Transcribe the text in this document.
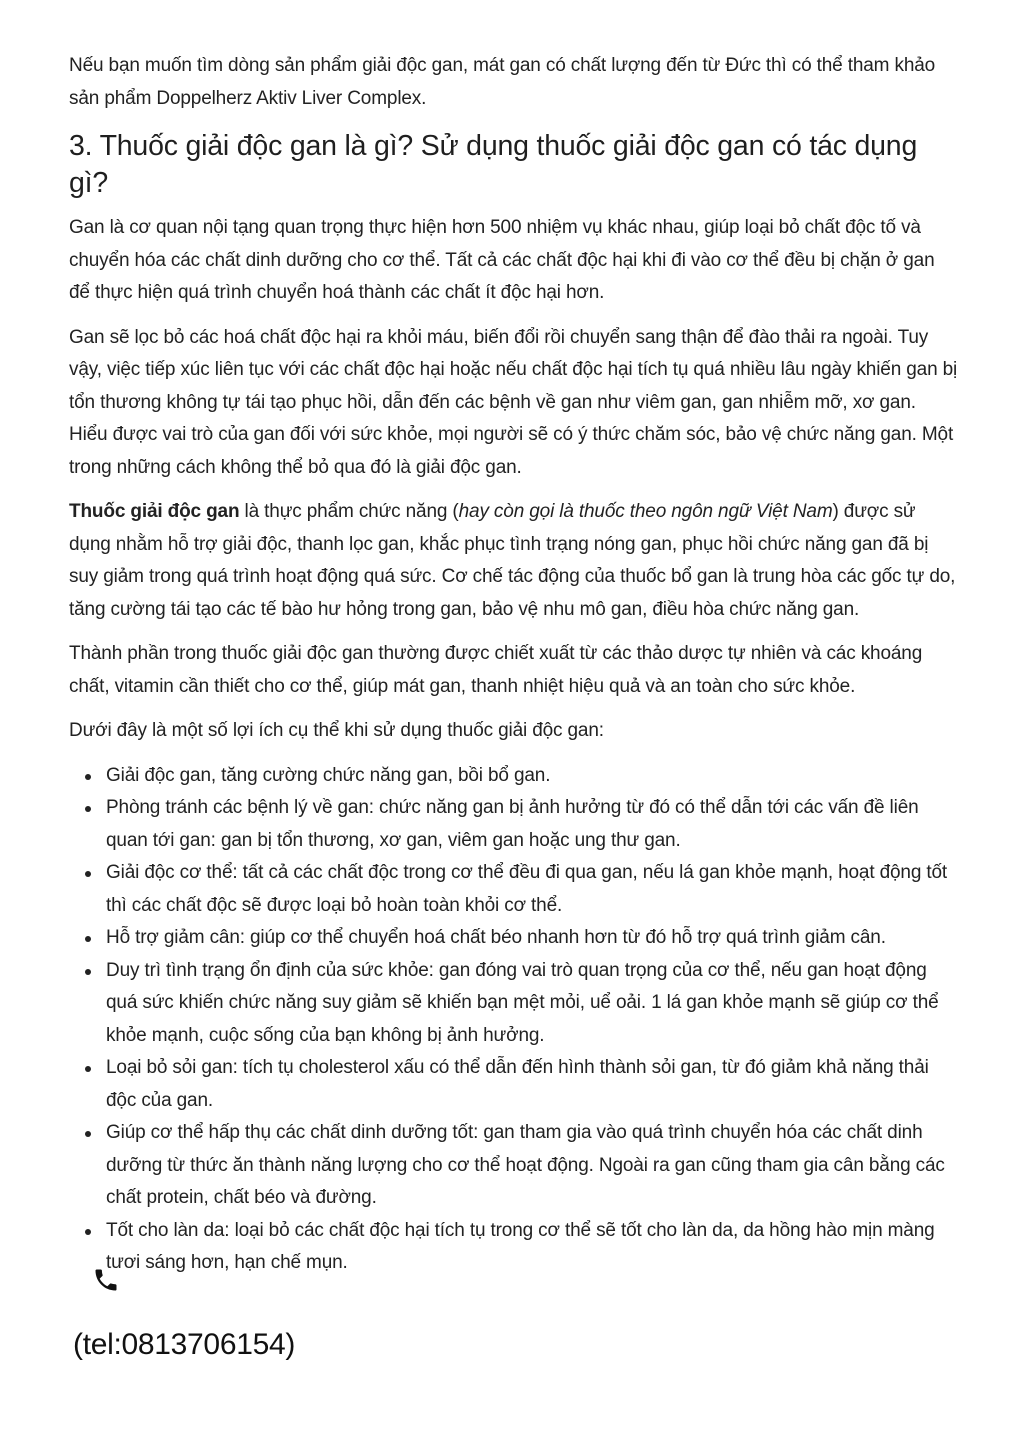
Nếu bạn muốn tìm dòng sản phẩm giải độc gan, mát gan có chất lượng đến từ Đức thì có thể tham khảo sản phẩm Doppelherz Aktiv Liver Complex.

3. Thuốc giải độc gan là gì? Sử dụng thuốc giải độc gan có tác dụng gì?

Gan là cơ quan nội tạng quan trọng thực hiện hơn 500 nhiệm vụ khác nhau, giúp loại bỏ chất độc tố và chuyển hóa các chất dinh dưỡng cho cơ thể. Tất cả các chất độc hại khi đi vào cơ thể đều bị chặn ở gan để thực hiện quá trình chuyển hoá thành các chất ít độc hại hơn.

Gan sẽ lọc bỏ các hoá chất độc hại ra khỏi máu, biến đổi rồi chuyển sang thận để đào thải ra ngoài. Tuy vậy, việc tiếp xúc liên tục với các chất độc hại hoặc nếu chất độc hại tích tụ quá nhiều lâu ngày khiến gan bị tổn thương không tự tái tạo phục hồi, dẫn đến các bệnh về gan như viêm gan, gan nhiễm mỡ, xơ gan. Hiểu được vai trò của gan đối với sức khỏe, mọi người sẽ có ý thức chăm sóc, bảo vệ chức năng gan. Một trong những cách không thể bỏ qua đó là giải độc gan.

Thuốc giải độc gan là thực phẩm chức năng (hay còn gọi là thuốc theo ngôn ngữ Việt Nam) được sử dụng nhằm hỗ trợ giải độc, thanh lọc gan, khắc phục tình trạng nóng gan, phục hồi chức năng gan đã bị suy giảm trong quá trình hoạt động quá sức. Cơ chế tác động của thuốc bổ gan là trung hòa các gốc tự do, tăng cường tái tạo các tế bào hư hỏng trong gan, bảo vệ nhu mô gan, điều hòa chức năng gan.

Thành phần trong thuốc giải độc gan thường được chiết xuất từ các thảo dược tự nhiên và các khoáng chất, vitamin cần thiết cho cơ thể, giúp mát gan, thanh nhiệt hiệu quả và an toàn cho sức khỏe.

Dưới đây là một số lợi ích cụ thể khi sử dụng thuốc giải độc gan:

Giải độc gan, tăng cường chức năng gan, bồi bổ gan.
Phòng tránh các bệnh lý về gan: chức năng gan bị ảnh hưởng từ đó có thể dẫn tới các vấn đề liên quan tới gan: gan bị tổn thương, xơ gan, viêm gan hoặc ung thư gan.
Giải độc cơ thể: tất cả các chất độc trong cơ thể đều đi qua gan, nếu lá gan khỏe mạnh, hoạt động tốt thì các chất độc sẽ được loại bỏ hoàn toàn khỏi cơ thể.
Hỗ trợ giảm cân: giúp cơ thể chuyển hoá chất béo nhanh hơn từ đó hỗ trợ quá trình giảm cân.
Duy trì tình trạng ổn định của sức khỏe: gan đóng vai trò quan trọng của cơ thể, nếu gan hoạt động quá sức khiến chức năng suy giảm sẽ khiến bạn mệt mỏi, uể oải. 1 lá gan khỏe mạnh sẽ giúp cơ thể khỏe mạnh, cuộc sống của bạn không bị ảnh hưởng.
Loại bỏ sỏi gan: tích tụ cholesterol xấu có thể dẫn đến hình thành sỏi gan, từ đó giảm khả năng thải độc của gan.
Giúp cơ thể hấp thụ các chất dinh dưỡng tốt: gan tham gia vào quá trình chuyển hóa các chất dinh dưỡng từ thức ăn thành năng lượng cho cơ thể hoạt động. Ngoài ra gan cũng tham gia cân bằng các chất protein, chất béo và đường.
Tốt cho làn da: loại bỏ các chất độc hại tích tụ trong cơ thể sẽ tốt cho làn da, da hồng hào mịn màng tươi sáng hơn, hạn chế mụn.
(tel:0813706154)
